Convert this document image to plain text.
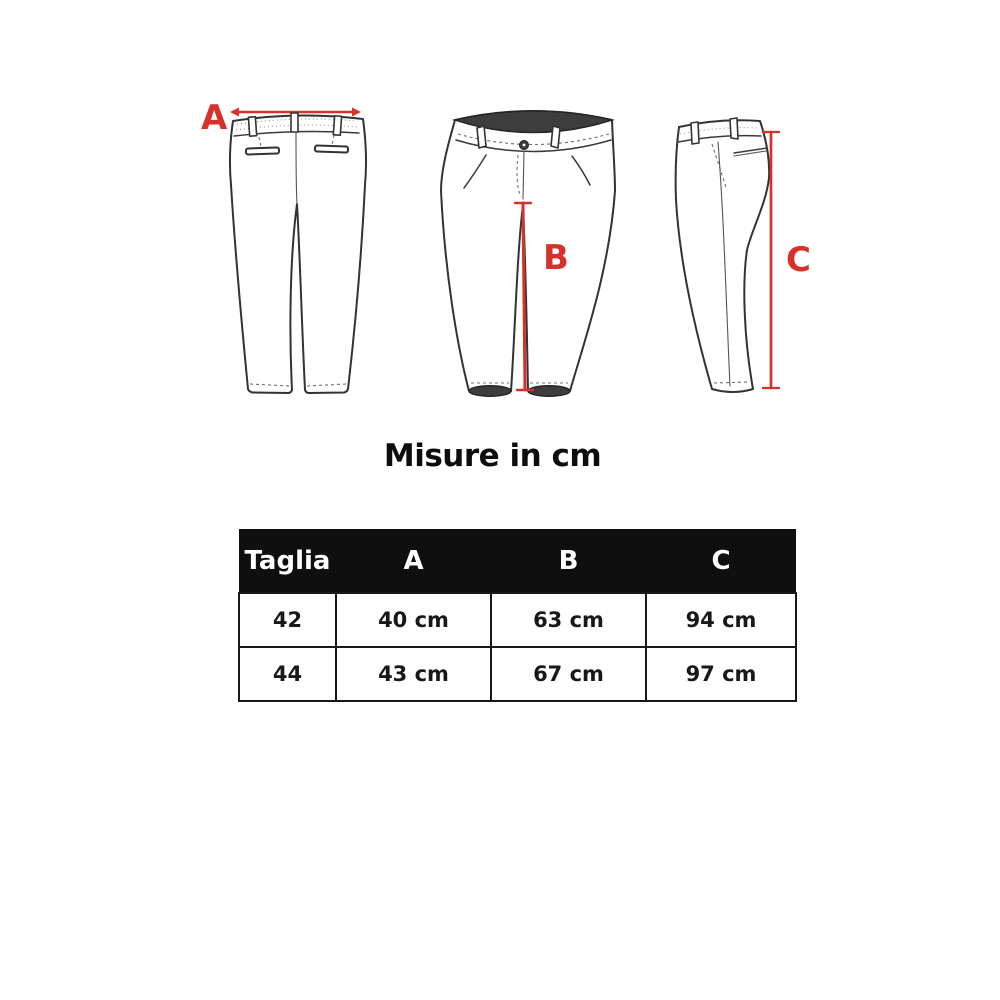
A
B	C
Misure in cm
Taglia	A	B	C
42	40 cm	63 cm	94 cm
44	43 cm	67 cm	97 cm
